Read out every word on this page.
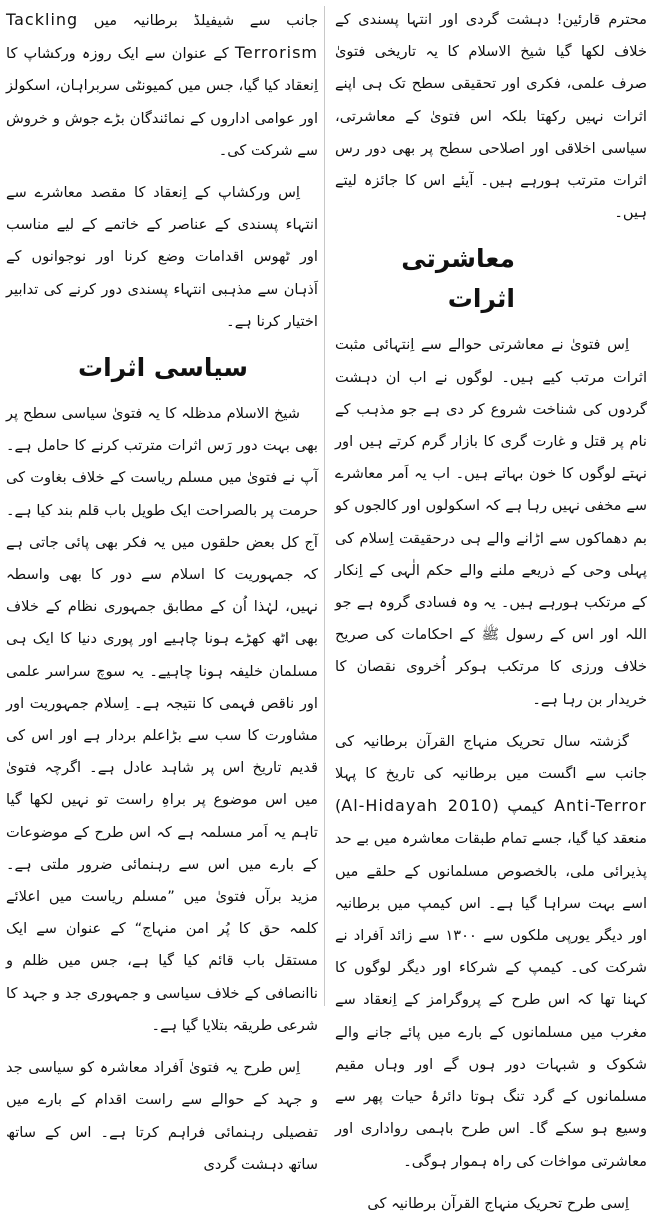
محترم قارئین! دہشت گردی اور انتہا پسندی کے خلاف لکھا گیا شیخ الاسلام کا یہ تاریخی فتویٰ صرف علمی، فکری اور تحقیقی سطح تک ہی اپنے اثرات نہیں رکھتا بلکہ اس فتویٰ کے معاشرتی، سیاسی اخلاقی اور اصلاحی سطح پر بھی دور رس اثرات مترتب ہورہے ہیں۔ آیئے اس کا جائزہ لیتے ہیں۔

معاشرتی اثرات

اِس فتویٰ نے معاشرتی حوالے سے اِنتہائی مثبت اثرات مرتب کیے ہیں۔ لوگوں نے اب ان دہشت گردوں کی شناخت شروع کر دی ہے جو مذہب کے نام پر قتل و غارت گری کا بازار گرم کرتے ہیں اور نہتے لوگوں کا خون بہاتے ہیں۔ اب یہ اَمر معاشرے سے مخفی نہیں رہا ہے کہ اسکولوں اور کالجوں کو بم دھماکوں سے اڑانے والے ہی درحقیقت اِسلام کی پہلی وحی کے ذریعے ملنے والے حکم الٰہی کے اِنکار کے مرتکب ہورہے ہیں۔ یہ وہ فسادی گروہ ہے جو اللہ اور اس کے رسول ﷺ کے احکامات کی صریح خلاف ورزی کا مرتکب ہوکر اُخروی نقصان کا خریدار بن رہا ہے۔

گزشتہ سال تحریک منہاج القرآن برطانیہ کی جانب سے اگست میں برطانیہ کی تاریخ کا پہلا Anti-Terror کیمپ (Al-Hidayah 2010) منعقد کیا گیا، جسے تمام طبقات معاشرہ میں بے حد پذیرائی ملی، بالخصوص مسلمانوں کے حلقے میں اسے بہت سراہا گیا ہے۔ اس کیمپ میں برطانیہ اور دیگر یورپی ملکوں سے ۱۳۰۰ سے زائد اَفراد نے شرکت کی۔ کیمپ کے شرکاء اور دیگر لوگوں کا کہنا تھا کہ اس طرح کے پروگرامز کے اِنعقاد سے مغرب میں مسلمانوں کے بارے میں پائے جانے والے شکوک و شبہات دور ہوں گے اور وہاں مقیم مسلمانوں کے گرد تنگ ہوتا دائرۂ حیات پھر سے وسیع ہو سکے گا۔ اس طرح باہمی رواداری اور معاشرتی مواخات کی راہ ہموار ہوگی۔

اِسی طرح تحریک منہاج القرآن برطانیہ کی

جانب سے شیفیلڈ برطانیہ میں Tackling Terrorism کے عنوان سے ایک روزہ ورکشاپ کا اِنعقاد کیا گیا، جس میں کمیونٹی سربراہان، اسکولز اور عوامی اداروں کے نمائندگان بڑے جوش و خروش سے شرکت کی۔

اِس ورکشاپ کے اِنعقاد کا مقصد معاشرے سے انتہاء پسندی کے عناصر کے خاتمے کے لیے مناسب اور ٹھوس اقدامات وضع کرنا اور نوجوانوں کے اَذہان سے مذہبی انتہاء پسندی دور کرنے کی تدابیر اختیار کرنا ہے۔

سیاسی اثرات

شیخ الاسلام مدظلہ کا یہ فتویٰ سیاسی سطح پر بھی بہت دور رَس اثرات مترتب کرنے کا حامل ہے۔ آپ نے فتویٰ میں مسلم ریاست کے خلاف بغاوت کی حرمت پر بالصراحت ایک طویل باب قلم بند کیا ہے۔ آج کل بعض حلقوں میں یہ فکر بھی پائی جاتی ہے کہ جمہوریت کا اسلام سے دور کا بھی واسطہ نہیں، لہٰذا اُن کے مطابق جمہوری نظام کے خلاف بھی اٹھ کھڑے ہونا چاہیے اور پوری دنیا کا ایک ہی مسلمان خلیفہ ہونا چاہیے۔ یہ سوچ سراسر علمی اور ناقص فہمی کا نتیجہ ہے۔ اِسلام جمہوریت اور مشاورت کا سب سے بڑاعلم بردار ہے اور اس کی قدیم تاریخ اس پر شاہد عادل ہے۔ اگرچہ فتویٰ میں اس موضوع پر براہِ راست تو نہیں لکھا گیا تاہم یہ اَمر مسلمہ ہے کہ اس طرح کے موضوعات کے بارے میں اس سے رہنمائی ضرور ملتی ہے۔ مزید برآں فتویٰ میں ”مسلم ریاست میں اعلائے کلمہ حق کا پُر امن منہاج“ کے عنوان سے ایک مستقل باب قائم کیا گیا ہے، جس میں ظلم و ناانصافی کے خلاف سیاسی و جمہوری جد و جہد کا شرعی طریقہ بتلایا گیا ہے۔

اِس طرح یہ فتویٰ اَفراد معاشرہ کو سیاسی جد و جہد کے حوالے سے راست اقدام کے بارے میں تفصیلی رہنمائی فراہم کرتا ہے۔ اس کے ساتھ ساتھ دہشت گردی
